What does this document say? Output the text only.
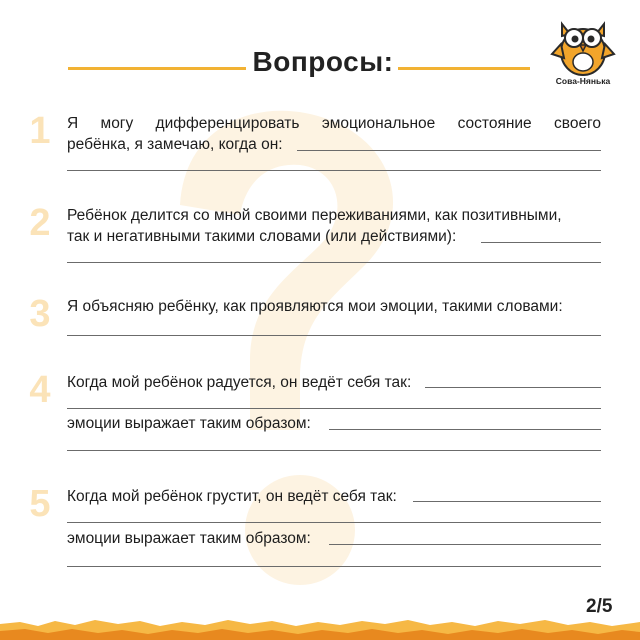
Вопросы:
Сова-Нянька
1 Я могу дифференцировать эмоциональное состояние своего
ребёнка, я замечаю, когда он:
2 Ребёнок делится со мной своими переживаниями, как позитивными,
так и негативными такими словами (или действиями):
3 Я объясняю ребёнку, как проявляются мои эмоции, такими словами:
4 Когда мой ребёнок радуется, он ведёт себя так:
эмоции выражает таким образом:
5 Когда мой ребёнок грустит, он ведёт себя так:
эмоции выражает таким образом:
2/5
